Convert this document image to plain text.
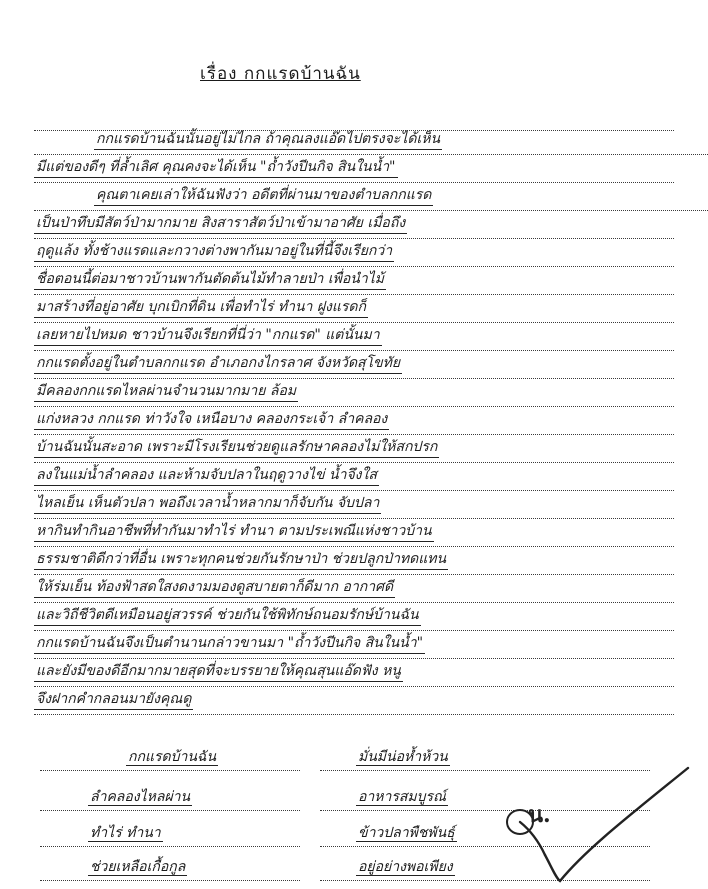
เรื่อง กกแรดบ้านฉัน
กกแรดบ้านฉันนั้นอยู่ไม่ไกล ถ้าคุณลงแอ๊ดไปตรงจะได้เห็น
มีแต่ของดีๆ ที่ล้ำเลิศ คุณคงจะได้เห็น "ถ้ำวังปีนกิจ สินในน้ำ"
คุณตาเคยเล่าให้ฉันฟังว่า อดีตที่ผ่านมาของตำบลกกแรด
เป็นป่าทึบมีสัตว์ป่ามากมาย สิงสาราสัตว์ป่าเข้ามาอาศัย เมื่อถึง
ฤดูแล้ง ทั้งช้างแรดและกวางต่างพากันมาอยู่ในที่นี้จึงเรียกว่า
ชื่อตอนนี้ต่อมาชาวบ้านพากันตัดต้นไม้ทำลายป่า เพื่อนำไม้
มาสร้างที่อยู่อาศัย บุกเบิกที่ดิน เพื่อทำไร่ ทำนา ฝูงแรดก็
เลยหายไปหมด ชาวบ้านจึงเรียกที่นี่ว่า "กกแรด" แต่นั้นมา
กกแรดตั้งอยู่ในตำบลกกแรด อำเภอกงไกรลาศ จังหวัดสุโขทัย
มีคลองกกแรดไหลผ่านจำนวนมากมาย ล้อม
แก่งหลวง กกแรด ท่าวังใจ เหนือบาง คลองกระเจ้า ลำคลอง
บ้านฉันนั้นสะอาด เพราะมีโรงเรียนช่วยดูแลรักษาคลองไม่ให้สกปรก
ลงในแม่น้ำลำคลอง และห้ามจับปลาในฤดูวางไข่ น้ำจึงใส
ไหลเย็น เห็นตัวปลา พอถึงเวลาน้ำหลากมาก็จับกัน จับปลา
หากินทำกินอาชีพที่ทำกันมาทำไร่ ทำนา ตามประเพณีแห่งชาวบ้าน
ธรรมชาติดีกว่าที่อื่น เพราะทุกคนช่วยกันรักษาป่า ช่วยปลูกป่าทดแทน
ให้ร่มเย็น ท้องฟ้าสดใสงดงามมองดูสบายตาก็ดีมาก อากาศดี
และวิถีชีวิตดีเหมือนอยู่สวรรค์ ช่วยกันใช้พิทักษ์ถนอมรักษ์บ้านฉัน
กกแรดบ้านฉันจึงเป็นตำนานกล่าวขานมา "ถ้ำวังปีนกิจ สินในน้ำ"
และยังมีของดีอีกมากมายสุดที่จะบรรยายให้คุณสุนแอ๊ดฟัง หนู
จึงฝากคำกลอนมายังคุณดู
กกแรดบ้านฉัน	มั่นมีน่อห้ำห้วน
ลำคลองไหลผ่าน	อาหารสมบูรณ์
ทำไร่ ทำนา	ข้าวปลาพืชพันธุ์
ช่วยเหลือเกื้อกูล	อยู่อย่างพอเพียง
น.
